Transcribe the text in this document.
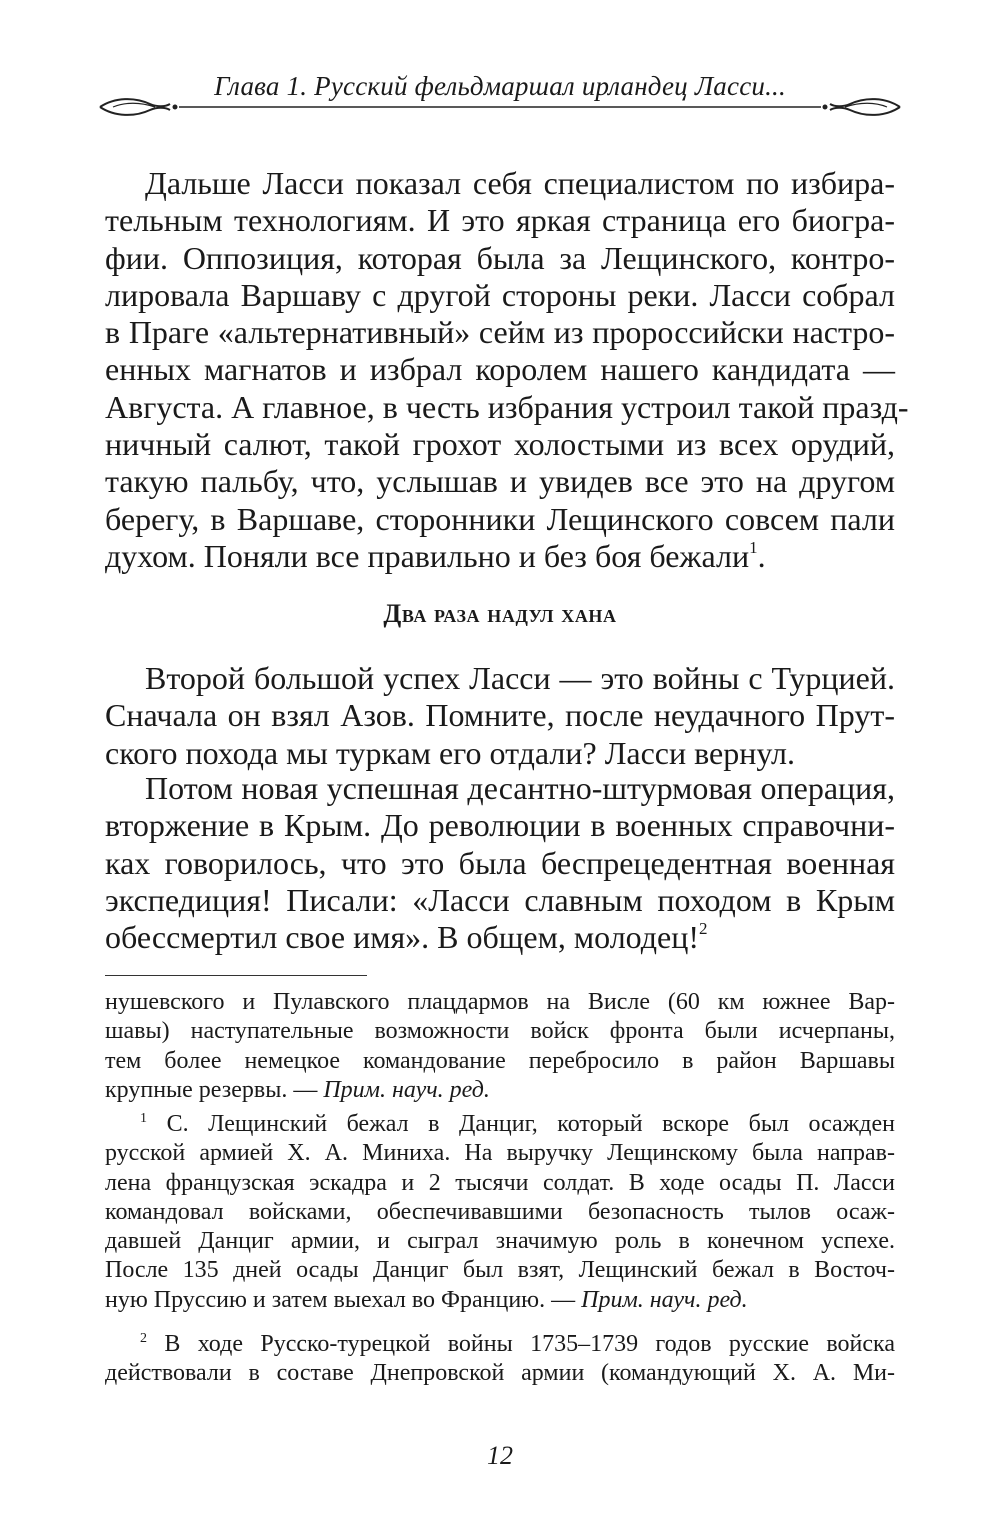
Глава 1. Русский фельдмаршал ирландец Ласси...
Дальше Ласси показал себя специалистом по избира-
тельным технологиям. И это яркая страница его биогра-
фии. Оппозиция, которая была за Лещинского, контро-
лировала Варшаву с другой стороны реки. Ласси собрал
в Праге «альтернативный» сейм из пророссийски настро-
енных магнатов и избрал королем нашего кандидата —
Августа. А главное, в честь избрания устроил такой празд-
ничный салют, такой грохот холостыми из всех орудий,
такую пальбу, что, услышав и увидев все это на другом
берегу, в Варшаве, сторонники Лещинского совсем пали
духом. Поняли все правильно и без боя бежали$^1$.
Два раза надул хана
Второй большой успех Ласси — это войны с Турцией.
Сначала он взял Азов. Помните, после неудачного Прут-
ского похода мы туркам его отдали? Ласси вернул.
Потом новая успешная десантно-штурмовая операция,
вторжение в Крым. До революции в военных справочни-
ках говорилось, что это была беспрецедентная военная
экспедиция! Писали: «Ласси славным походом в Крым
обессмертил свое имя». В общем, молодец!$^2$
нушевского и Пулавского плацдармов на Висле (60 км южнее Вар-
шавы) наступательные возможности войск фронта были исчерпаны,
тем более немецкое командование перебросило в район Варшавы
крупные резервы. — Прим. науч. ред.
$^1$ С. Лещинский бежал в Данциг, который вскоре был осажден
русской армией Х. А. Миниха. На выручку Лещинскому была направ-
лена французская эскадра и 2 тысячи солдат. В ходе осады П. Ласси
командовал войсками, обеспечивавшими безопасность тылов осаж-
давшей Данциг армии, и сыграл значимую роль в конечном успехе.
После 135 дней осады Данциг был взят, Лещинский бежал в Восточ-
ную Пруссию и затем выехал во Францию. — Прим. науч. ред.
$^2$ В ходе Русско-турецкой войны 1735–1739 годов русские войска
действовали в составе Днепровской армии (командующий Х. А. Ми-
12
